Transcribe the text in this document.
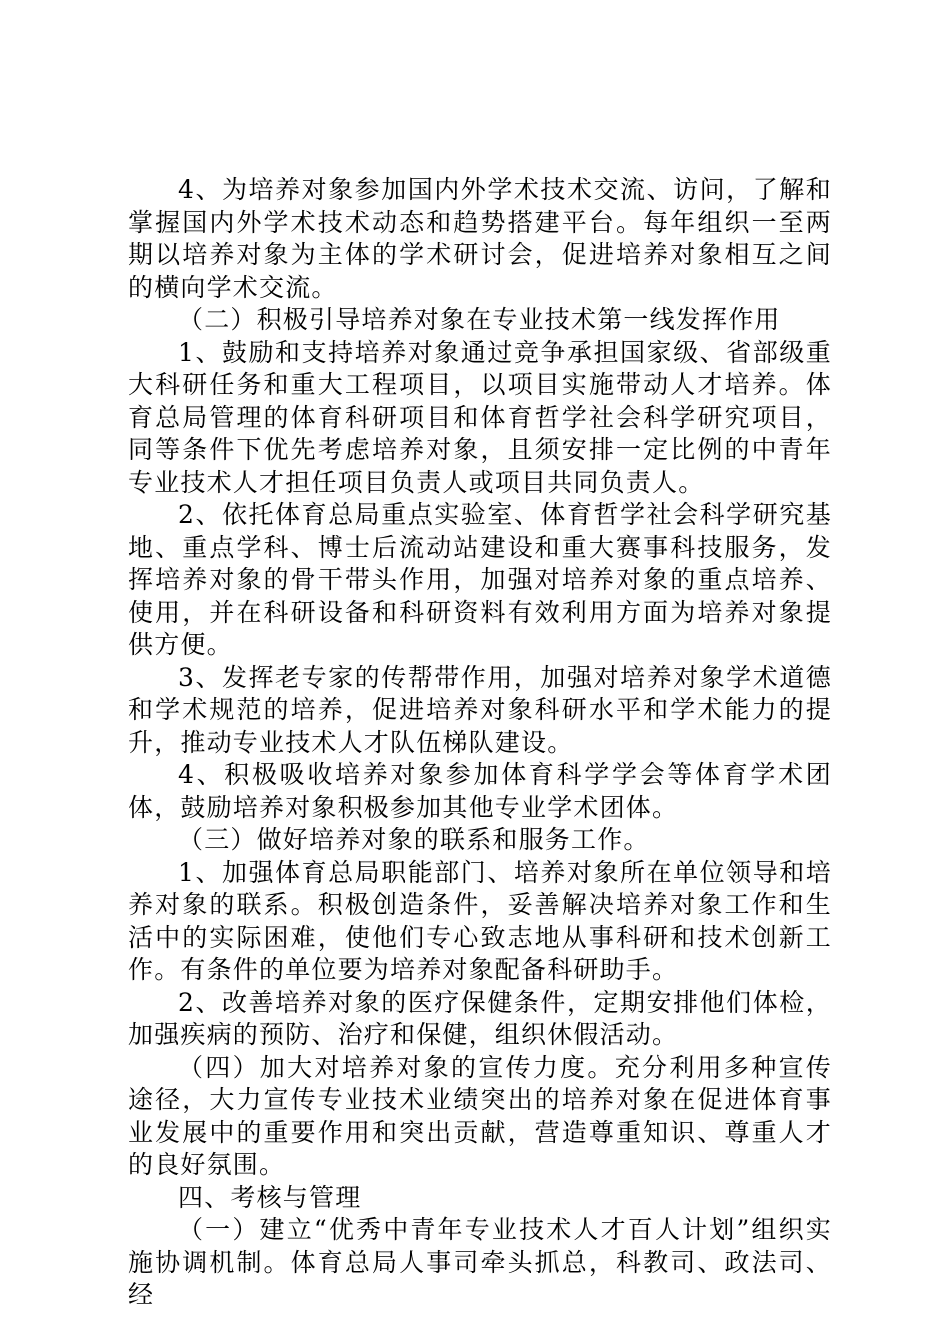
4、为培养对象参加国内外学术技术交流、访问，了解和掌握国内外学术技术动态和趋势搭建平台。每年组织一至两期以培养对象为主体的学术研讨会，促进培养对象相互之间的横向学术交流。

（二）积极引导培养对象在专业技术第一线发挥作用

1、鼓励和支持培养对象通过竞争承担国家级、省部级重大科研任务和重大工程项目，以项目实施带动人才培养。体育总局管理的体育科研项目和体育哲学社会科学研究项目，同等条件下优先考虑培养对象，且须安排一定比例的中青年专业技术人才担任项目负责人或项目共同负责人。

2、依托体育总局重点实验室、体育哲学社会科学研究基地、重点学科、博士后流动站建设和重大赛事科技服务，发挥培养对象的骨干带头作用，加强对培养对象的重点培养、使用，并在科研设备和科研资料有效利用方面为培养对象提供方便。

3、发挥老专家的传帮带作用，加强对培养对象学术道德和学术规范的培养，促进培养对象科研水平和学术能力的提升，推动专业技术人才队伍梯队建设。

4、积极吸收培养对象参加体育科学学会等体育学术团体，鼓励培养对象积极参加其他专业学术团体。

（三）做好培养对象的联系和服务工作。

1、加强体育总局职能部门、培养对象所在单位领导和培养对象的联系。积极创造条件，妥善解决培养对象工作和生活中的实际困难，使他们专心致志地从事科研和技术创新工作。有条件的单位要为培养对象配备科研助手。

2、改善培养对象的医疗保健条件，定期安排他们体检，加强疾病的预防、治疗和保健，组织休假活动。

（四）加大对培养对象的宣传力度。充分利用多种宣传途径，大力宣传专业技术业绩突出的培养对象在促进体育事业发展中的重要作用和突出贡献，营造尊重知识、尊重人才的良好氛围。

四、考核与管理

（一）建立“优秀中青年专业技术人才百人计划”组织实施协调机制。体育总局人事司牵头抓总，科教司、政法司、经
